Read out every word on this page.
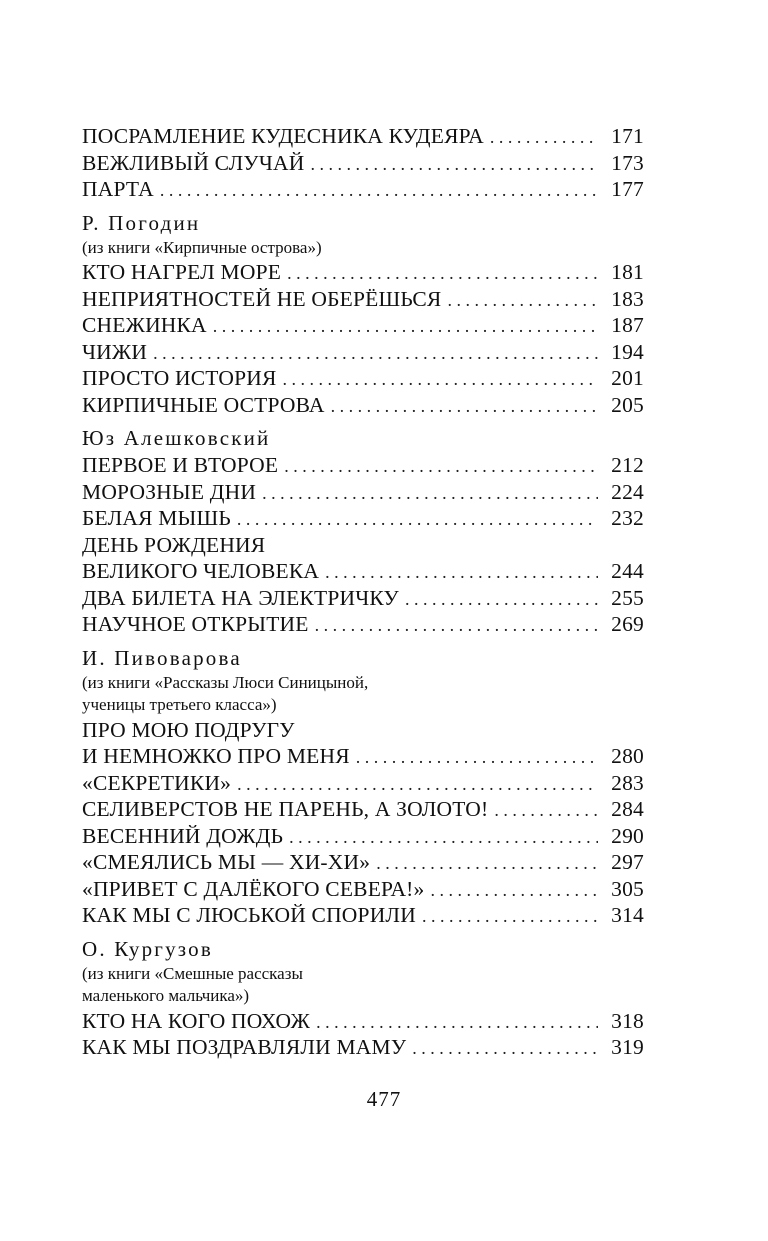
ПОСРАМЛЕНИЕ КУДЕСНИКА КУДЕЯРА . . .	171
ВЕЖЛИВЫЙ СЛУЧАЙ . . .	173
ПАРТА . . .	177
Р. Погодин
(из книги «Кирпичные острова»)
КТО НАГРЕЛ МОРЕ . . .	181
НЕПРИЯТНОСТЕЙ НЕ ОБЕРЁШЬСЯ . . .	183
СНЕЖИНКА . . .	187
ЧИЖИ . . .	194
ПРОСТО ИСТОРИЯ . . .	201
КИРПИЧНЫЕ ОСТРОВА . . .	205
Юз Алешковский
ПЕРВОЕ И ВТОРОЕ . . .	212
МОРОЗНЫЕ ДНИ . . .	224
БЕЛАЯ МЫШЬ . . .	232
ДЕНЬ РОЖДЕНИЯ
ВЕЛИКОГО ЧЕЛОВЕКА . . .	244
ДВА БИЛЕТА НА ЭЛЕКТРИЧКУ . . .	255
НАУЧНОЕ ОТКРЫТИЕ . . .	269
И. Пивоварова
(из книги «Рассказы Люси Синицыной,
ученицы третьего класса»)
ПРО МОЮ ПОДРУГУ
И НЕМНОЖКО ПРО МЕНЯ . . .	280
«СЕКРЕТИКИ» . . .	283
СЕЛИВЕРСТОВ НЕ ПАРЕНЬ, А ЗОЛОТО! . . .	284
ВЕСЕННИЙ ДОЖДЬ . . .	290
«СМЕЯЛИСЬ МЫ — ХИ-ХИ» . . .	297
«ПРИВЕТ С ДАЛЁКОГО СЕВЕРА!» . . .	305
КАК МЫ С ЛЮСЬКОЙ СПОРИЛИ . . .	314
О. Кургузов
(из книги «Смешные рассказы
маленького мальчика»)
КТО НА КОГО ПОХОЖ . . .	318
КАК МЫ ПОЗДРАВЛЯЛИ МАМУ . . .	319
477
